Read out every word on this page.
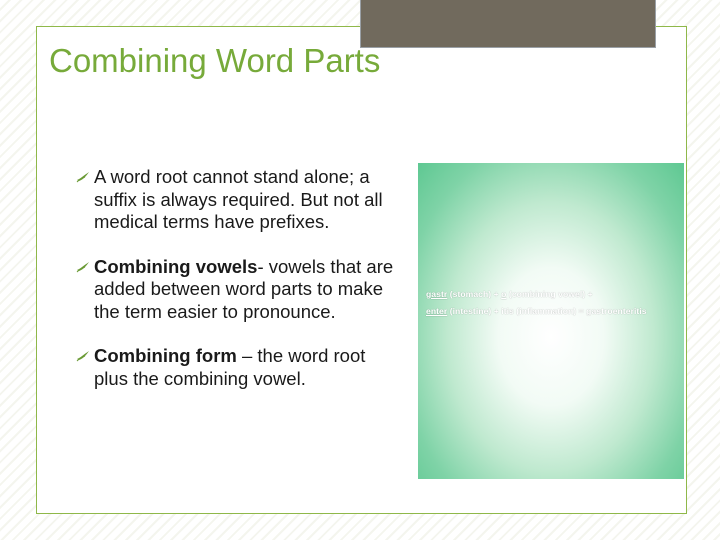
Combining Word Parts
A word root cannot stand alone; a suffix is always required. But not all medical terms have prefixes.
Combining vowels- vowels that are added between word parts to make the term easier to pronounce.
Combining form – the word root plus the combining vowel.
gastr (stomach) + o (combining vowel) +
enter (intestine) + itis (inflammation) = gastroenteritis
